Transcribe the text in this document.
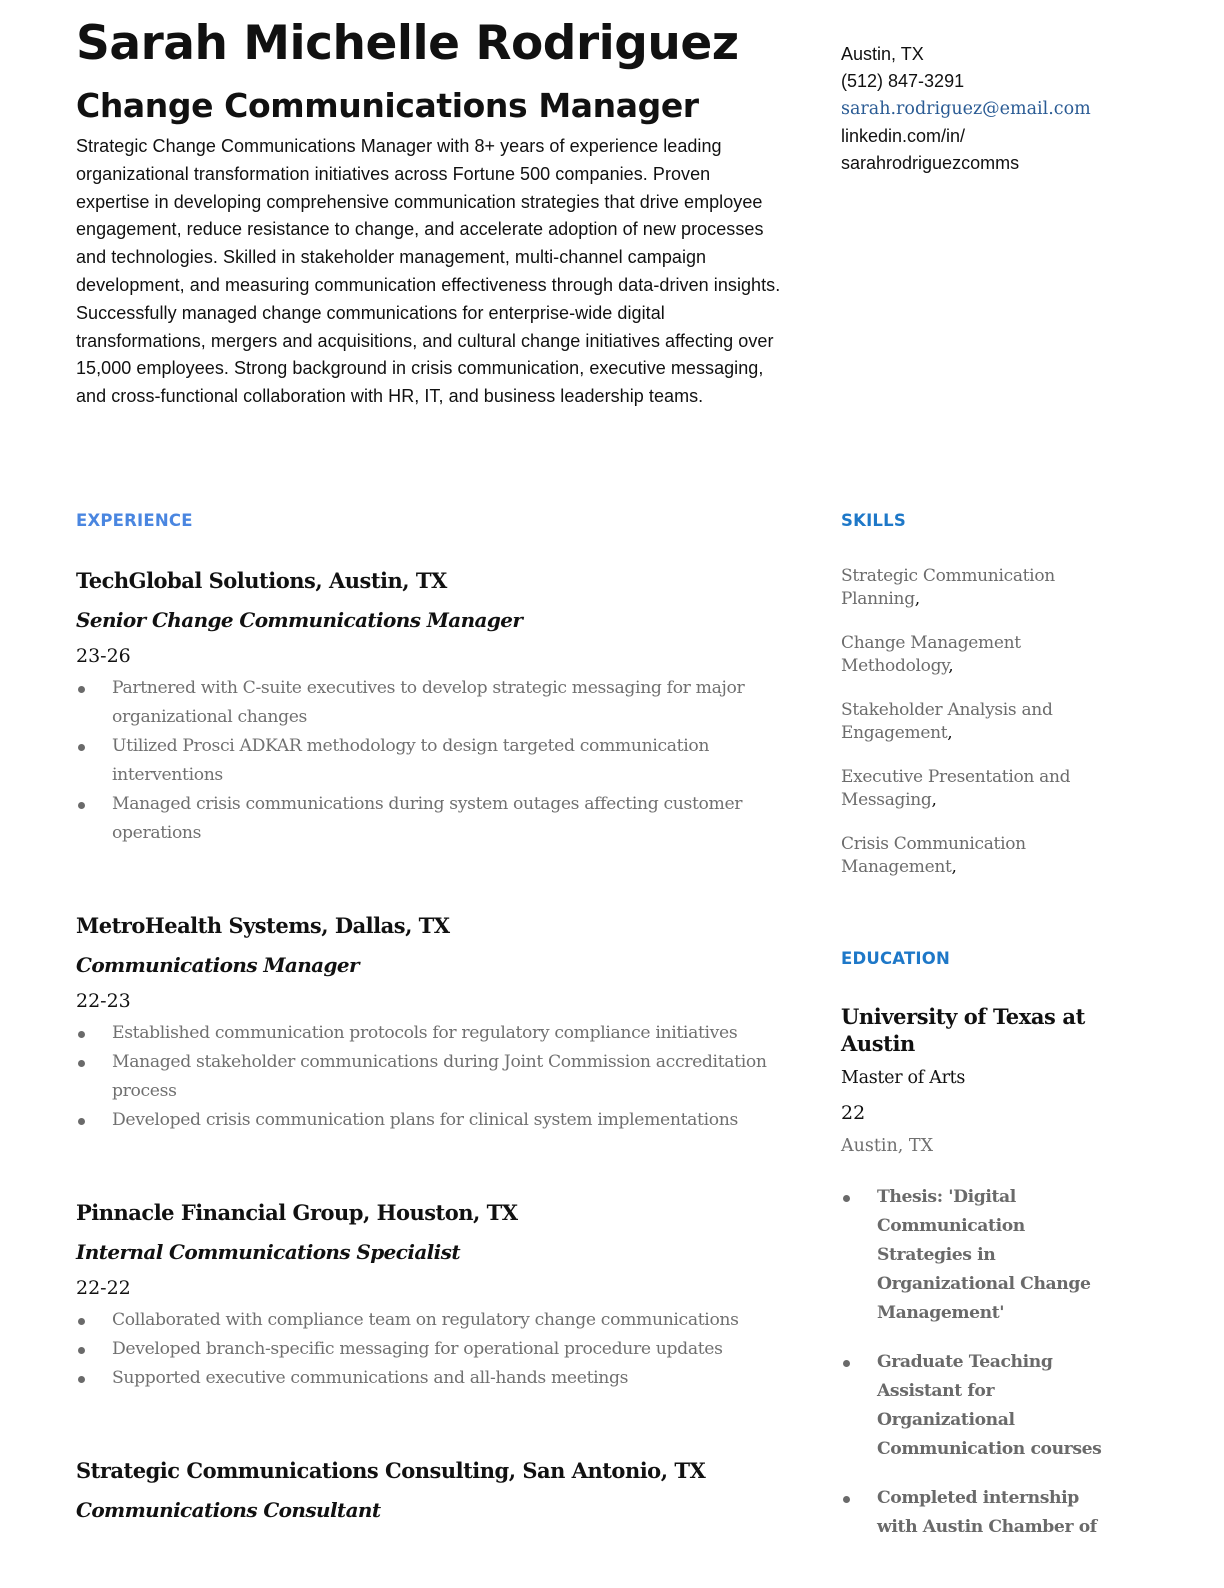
Sarah Michelle Rodriguez
Change Communications Manager

Strategic Change Communications Manager with 8+ years of experience leading organizational transformation initiatives across Fortune 500 companies. Proven expertise in developing comprehensive communication strategies that drive employee engagement, reduce resistance to change, and accelerate adoption of new processes and technologies. Skilled in stakeholder management, multi-channel campaign development, and measuring communication effectiveness through data-driven insights. Successfully managed change communications for enterprise-wide digital transformations, mergers and acquisitions, and cultural change initiatives affecting over 15,000 employees. Strong background in crisis communication, executive messaging, and cross-functional collaboration with HR, IT, and business leadership teams.

Austin, TX
(512) 847-3291
sarah.rodriguez@email.com
linkedin.com/in/
sarahrodriguezcomms
EXPERIENCE	SKILLS
EDUCATION

TechGlobal Solutions, Austin, TX

Senior Change Communications Manager

23-26

Partnered with C-suite executives to develop strategic messaging for major organizational changes
Utilized Prosci ADKAR methodology to design targeted communication interventions
Managed crisis communications during system outages affecting customer operations

MetroHealth Systems, Dallas, TX

Communications Manager

22-23

Established communication protocols for regulatory compliance initiatives
Managed stakeholder communications during Joint Commission accreditation process
Developed crisis communication plans for clinical system implementations

Pinnacle Financial Group, Houston, TX

Internal Communications Specialist

22-22

Collaborated with compliance team on regulatory change communications
Developed branch-specific messaging for operational procedure updates
Supported executive communications and all-hands meetings

Strategic Communications Consulting, San Antonio, TX

Communications Consultant

Strategic Communication Planning,
Change Management Methodology,
Stakeholder Analysis and Engagement,
Executive Presentation and Messaging,
Crisis Communication Management,

University of Texas at Austin

Master of Arts

22

Austin, TX

Thesis: 'Digital Communication Strategies in Organizational Change Management'
Graduate Teaching Assistant for Organizational Communication courses
Completed internship with Austin Chamber of
